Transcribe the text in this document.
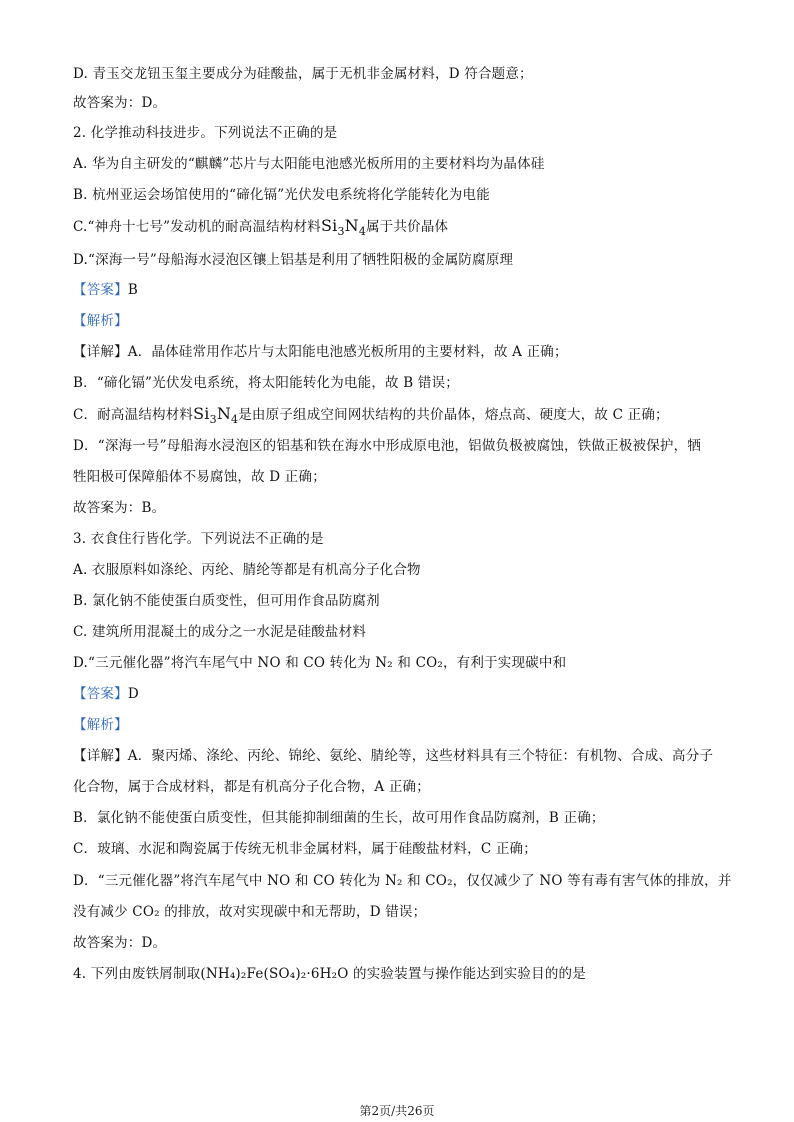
D. 青玉交龙钮玉玺主要成分为硅酸盐，属于无机非金属材料，D 符合题意；
故答案为：D。
2. 化学推动科技进步。下列说法不正确的是
A. 华为自主研发的“麒麟”芯片与太阳能电池感光板所用的主要材料均为晶体硅
B. 杭州亚运会场馆使用的“碲化镉”光伏发电系统将化学能转化为电能
C.“神舟十七号”发动机的耐高温结构材料$Si_3N_4$属于共价晶体
D.“深海一号”母船海水浸泡区镶上铝基是利用了牺牲阳极的金属防腐原理
【答案】B
【解析】
【详解】A．晶体硅常用作芯片与太阳能电池感光板所用的主要材料，故 A 正确；
B．“碲化镉”光伏发电系统，将太阳能转化为电能，故 B 错误；
C．耐高温结构材料$Si_3N_4$是由原子组成空间网状结构的共价晶体，熔点高、硬度大，故 C 正确；
D．“深海一号”母船海水浸泡区的铝基和铁在海水中形成原电池，铝做负极被腐蚀，铁做正极被保护，牺
牲阳极可保障船体不易腐蚀，故 D 正确；
故答案为：B。
3. 衣食住行皆化学。下列说法不正确的是
A. 衣服原料如涤纶、丙纶、腈纶等都是有机高分子化合物
B. 氯化钠不能使蛋白质变性，但可用作食品防腐剂
C. 建筑所用混凝土的成分之一水泥是硅酸盐材料
D.“三元催化器”将汽车尾气中 NO 和 CO 转化为 N₂ 和 CO₂，有利于实现碳中和
【答案】D
【解析】
【详解】A．聚丙烯、涤纶、丙纶、锦纶、氨纶、腈纶等，这些材料具有三个特征：有机物、合成、高分子
化合物，属于合成材料，都是有机高分子化合物，A 正确；
B．氯化钠不能使蛋白质变性，但其能抑制细菌的生长，故可用作食品防腐剂，B 正确；
C．玻璃、水泥和陶瓷属于传统无机非金属材料，属于硅酸盐材料，C 正确；
D．“三元催化器”将汽车尾气中 NO 和 CO 转化为 N₂ 和 CO₂，仅仅减少了 NO 等有毒有害气体的排放，并
没有减少 CO₂ 的排放，故对实现碳中和无帮助，D 错误；
故答案为：D。
4. 下列由废铁屑制取(NH₄)₂Fe(SO₄)₂·6H₂O 的实验装置与操作能达到实验目的的是
第2页/共26页
